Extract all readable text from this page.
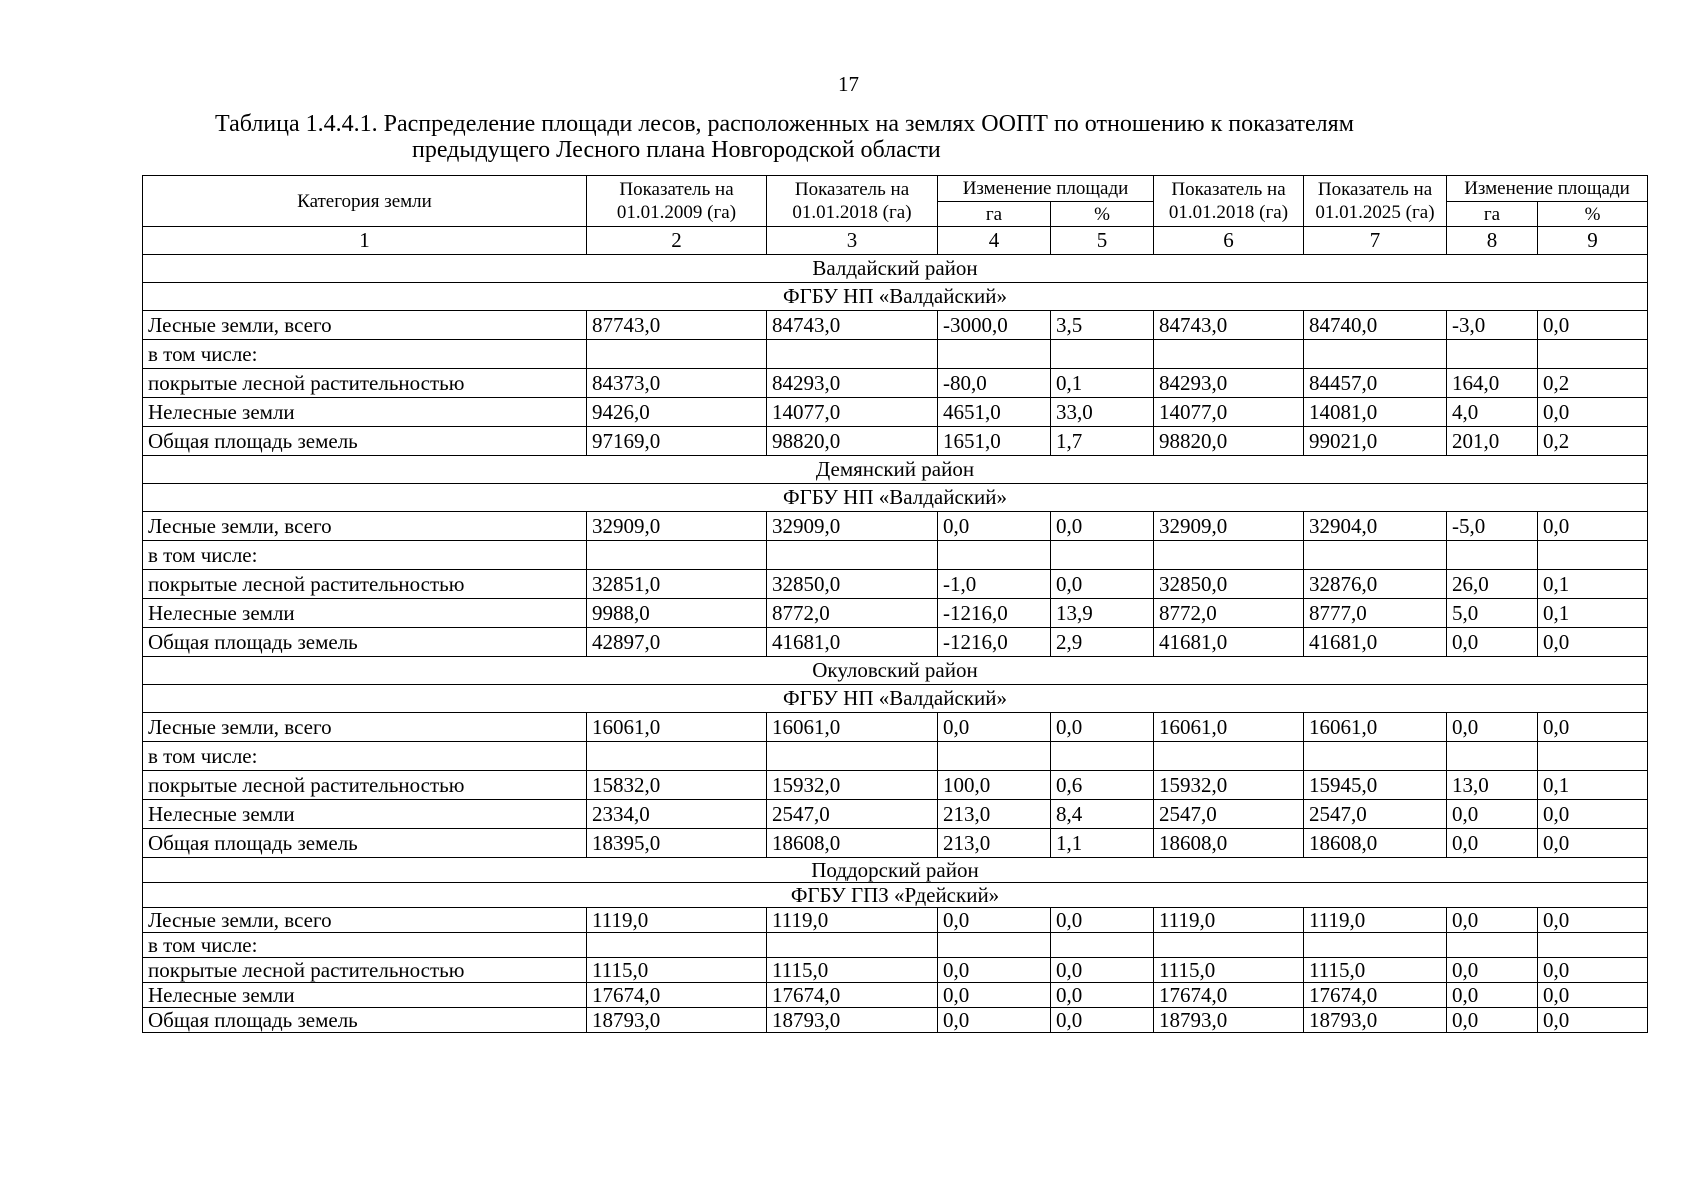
17
Таблица 1.4.4.1. Распределение площади лесов, расположенных на землях ООПТ по отношению к показателям
предыдущего Лесного плана Новгородской области
Категория земли	Показатель на 01.01.2009 (га)	Показатель на 01.01.2018 (га)	Изменение площади		Показатель на 01.01.2018 (га)	Показатель на 01.01.2025 (га)	Изменение площади	
			га	%			га	%
1	2	3	4	5	6	7	8	9
Валдайский район								
ФГБУ НП «Валдайский»								
Лесные земли, всего	87743,0	84743,0	-3000,0	3,5	84743,0	84740,0	-3,0	0,0
в том числе:								
покрытые лесной растительностью	84373,0	84293,0	-80,0	0,1	84293,0	84457,0	164,0	0,2
Нелесные земли	9426,0	14077,0	4651,0	33,0	14077,0	14081,0	4,0	0,0
Общая площадь земель	97169,0	98820,0	1651,0	1,7	98820,0	99021,0	201,0	0,2
Демянский район								
ФГБУ НП «Валдайский»								
Лесные земли, всего	32909,0	32909,0	0,0	0,0	32909,0	32904,0	-5,0	0,0
в том числе:								
покрытые лесной растительностью	32851,0	32850,0	-1,0	0,0	32850,0	32876,0	26,0	0,1
Нелесные земли	9988,0	8772,0	-1216,0	13,9	8772,0	8777,0	5,0	0,1
Общая площадь земель	42897,0	41681,0	-1216,0	2,9	41681,0	41681,0	0,0	0,0
Окуловский район								
ФГБУ НП «Валдайский»								
Лесные земли, всего	16061,0	16061,0	0,0	0,0	16061,0	16061,0	0,0	0,0
в том числе:								
покрытые лесной растительностью	15832,0	15932,0	100,0	0,6	15932,0	15945,0	13,0	0,1
Нелесные земли	2334,0	2547,0	213,0	8,4	2547,0	2547,0	0,0	0,0
Общая площадь земель	18395,0	18608,0	213,0	1,1	18608,0	18608,0	0,0	0,0
Поддорский район								
ФГБУ ГПЗ «Рдейский»								
Лесные земли, всего	1119,0	1119,0	0,0	0,0	1119,0	1119,0	0,0	0,0
в том числе:								
покрытые лесной растительностью	1115,0	1115,0	0,0	0,0	1115,0	1115,0	0,0	0,0
Нелесные земли	17674,0	17674,0	0,0	0,0	17674,0	17674,0	0,0	0,0
Общая площадь земель	18793,0	18793,0	0,0	0,0	18793,0	18793,0	0,0	0,0
